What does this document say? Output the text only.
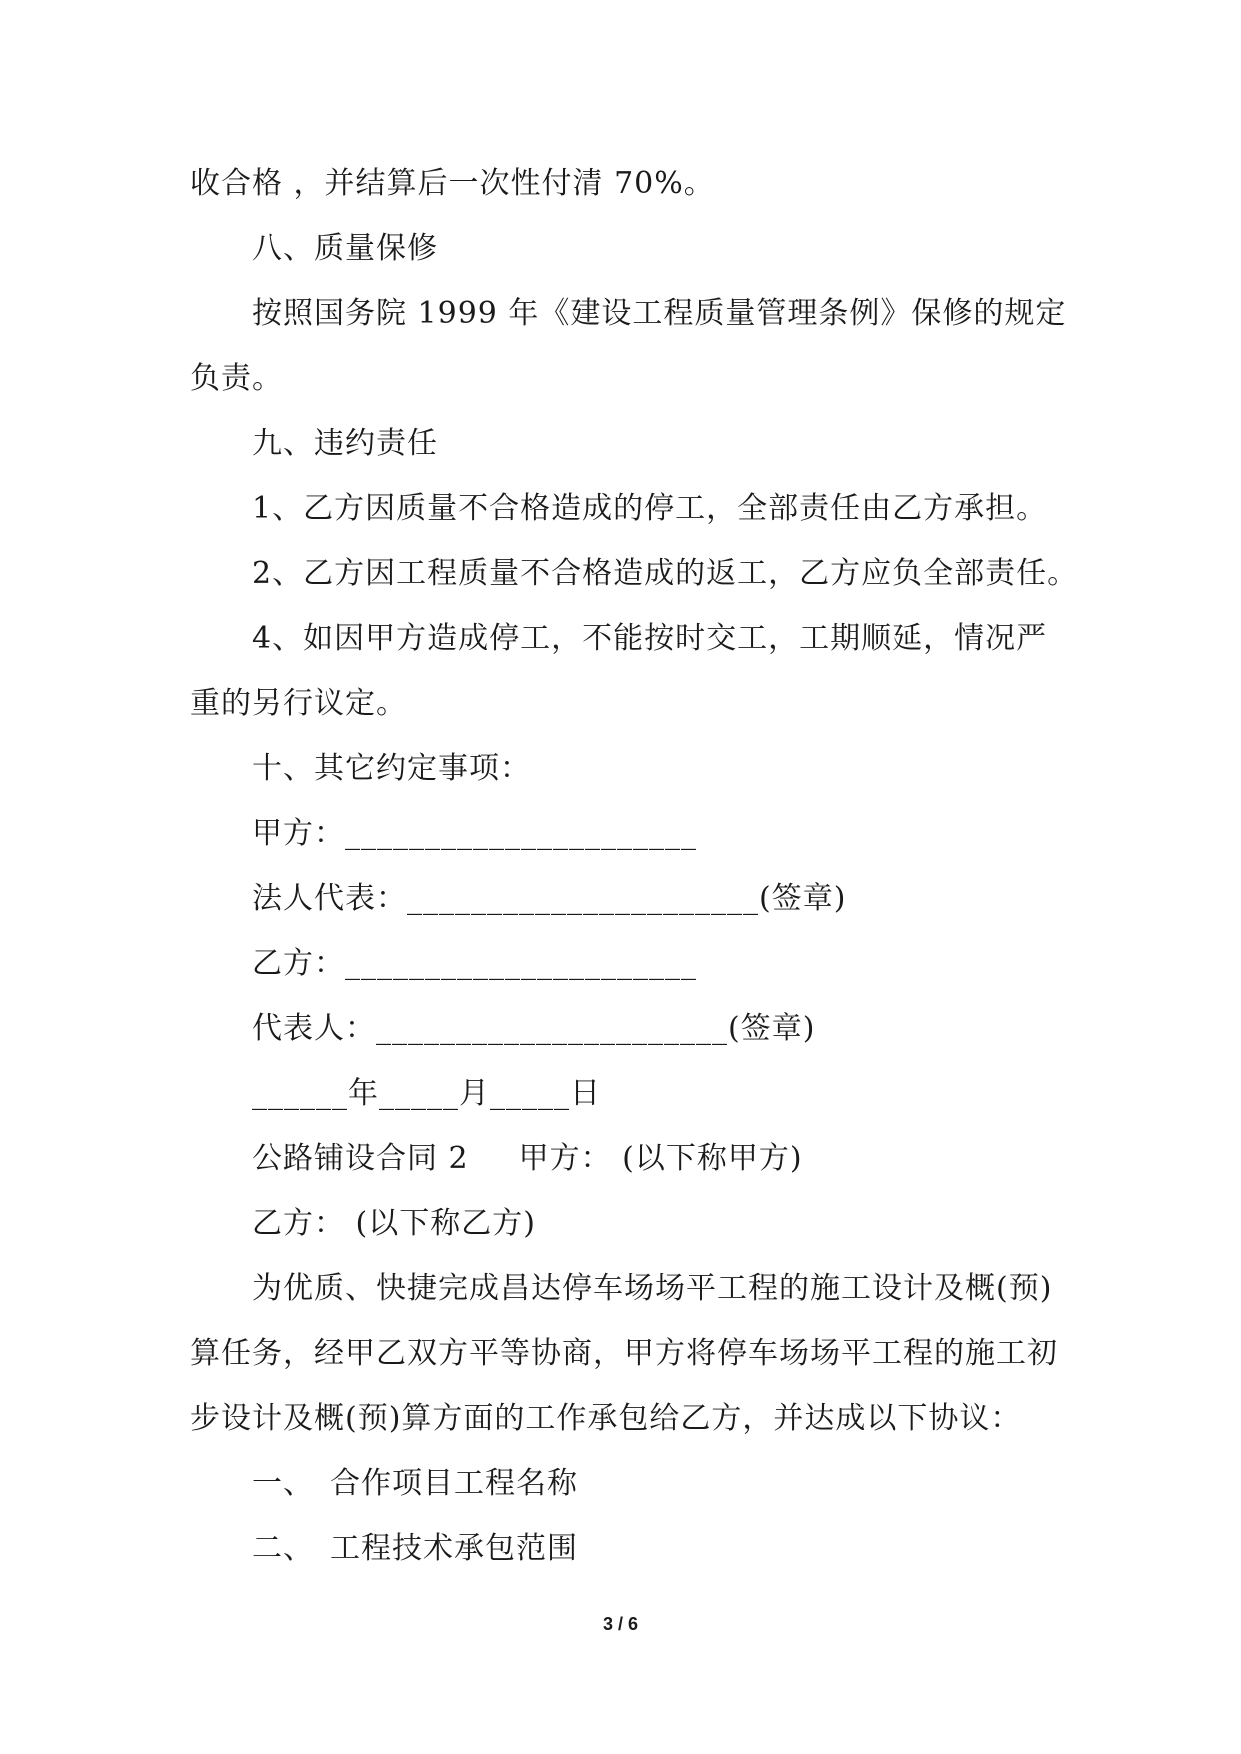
收合格 ，并结算后一次性付清 70%。
八、质量保修
按照国务院 1999 年《建设工程质量管理条例》保修的规定
负责。
九、违约责任
1、乙方因质量不合格造成的停工，全部责任由乙方承担。
2、乙方因工程质量不合格造成的返工，乙方应负全部责任。
4、如因甲方造成停工，不能按时交工，工期顺延，情况严
重的另行议定。
十、其它约定事项：
甲方：______________________
法人代表：______________________(签章)
乙方：______________________
代表人：______________________(签章)
______年_____月_____日
公路铺设合同 2 甲方： (以下称甲方)
乙方： (以下称乙方)
为优质、快捷完成昌达停车场场平工程的施工设计及概(预)
算任务，经甲乙双方平等协商，甲方将停车场场平工程的施工初
步设计及概(预)算方面的工作承包给乙方，并达成以下协议：
一、 合作项目工程名称
二、 工程技术承包范围
3 / 6
